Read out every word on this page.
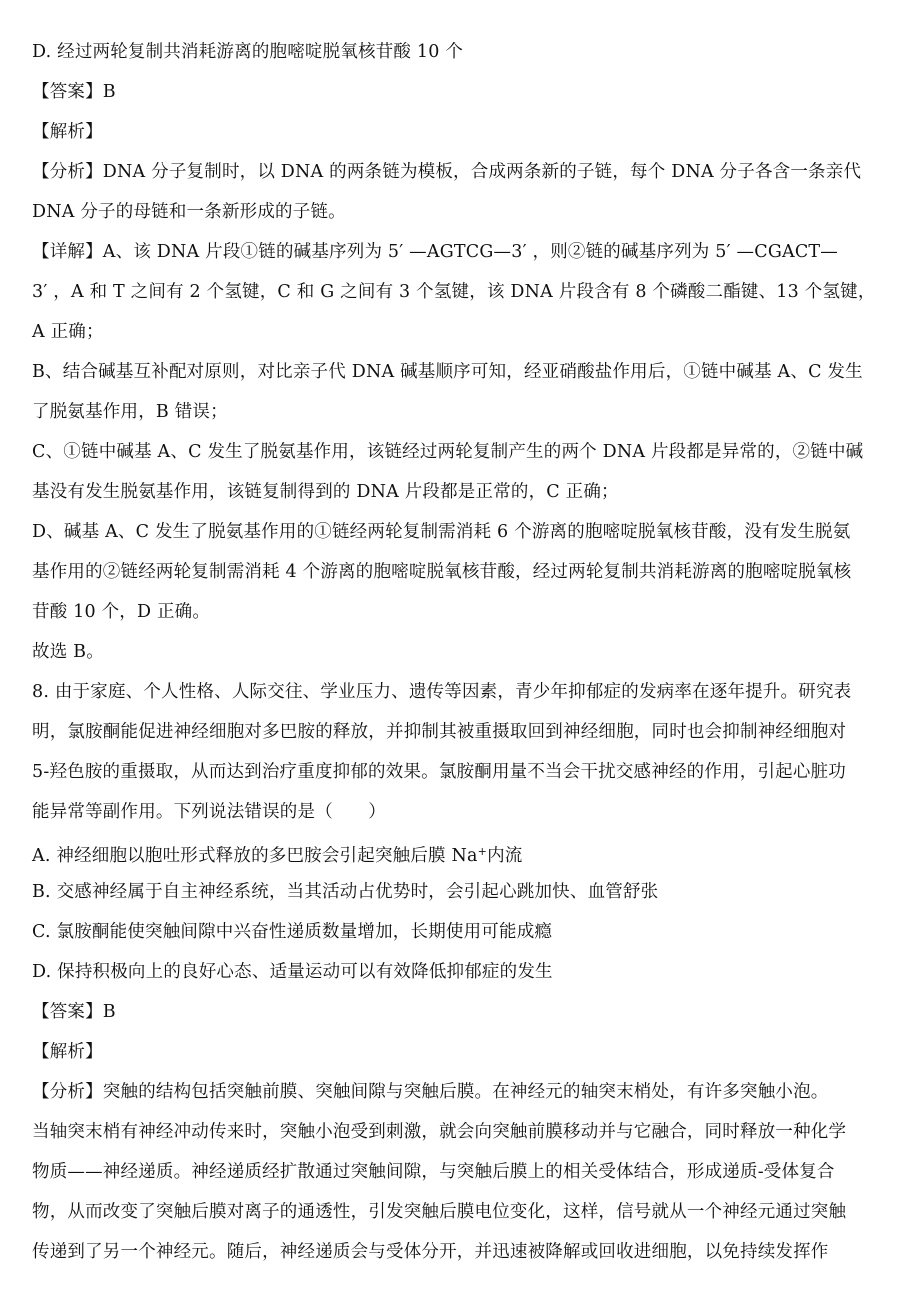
D. 经过两轮复制共消耗游离的胞嘧啶脱氧核苷酸 10 个
【答案】B
【解析】
【分析】DNA 分子复制时，以 DNA 的两条链为模板，合成两条新的子链，每个 DNA 分子各含一条亲代
DNA 分子的母链和一条新形成的子链。
【详解】A、该 DNA 片段①链的碱基序列为 5′ —AGTCG—3′ ，则②链的碱基序列为 5′ —CGACT—
3′ ，A 和 T 之间有 2 个氢键，C 和 G 之间有 3 个氢键，该 DNA 片段含有 8 个磷酸二酯键、13 个氢键，
A 正确；
B、结合碱基互补配对原则，对比亲子代 DNA 碱基顺序可知，经亚硝酸盐作用后，①链中碱基 A、C 发生
了脱氨基作用，B 错误；
C、①链中碱基 A、C 发生了脱氨基作用，该链经过两轮复制产生的两个 DNA 片段都是异常的，②链中碱
基没有发生脱氨基作用，该链复制得到的 DNA 片段都是正常的，C 正确；
D、碱基 A、C 发生了脱氨基作用的①链经两轮复制需消耗 6 个游离的胞嘧啶脱氧核苷酸，没有发生脱氨
基作用的②链经两轮复制需消耗 4 个游离的胞嘧啶脱氧核苷酸，经过两轮复制共消耗游离的胞嘧啶脱氧核
苷酸 10 个，D 正确。
故选 B。
8. 由于家庭、个人性格、人际交往、学业压力、遗传等因素，青少年抑郁症的发病率在逐年提升。研究表
明，氯胺酮能促进神经细胞对多巴胺的释放，并抑制其被重摄取回到神经细胞，同时也会抑制神经细胞对
5-羟色胺的重摄取，从而达到治疗重度抑郁的效果。氯胺酮用量不当会干扰交感神经的作用，引起心脏功
能异常等副作用。下列说法错误的是（　　）
A. 神经细胞以胞吐形式释放的多巴胺会引起突触后膜 Na+内流
B. 交感神经属于自主神经系统，当其活动占优势时，会引起心跳加快、血管舒张
C. 氯胺酮能使突触间隙中兴奋性递质数量增加，长期使用可能成瘾
D. 保持积极向上的良好心态、适量运动可以有效降低抑郁症的发生
【答案】B
【解析】
【分析】突触的结构包括突触前膜、突触间隙与突触后膜。在神经元的轴突末梢处，有许多突触小泡。
当轴突末梢有神经冲动传来时，突触小泡受到刺激，就会向突触前膜移动并与它融合，同时释放一种化学
物质——神经递质。神经递质经扩散通过突触间隙，与突触后膜上的相关受体结合，形成递质-受体复合
物，从而改变了突触后膜对离子的通透性，引发突触后膜电位变化，这样，信号就从一个神经元通过突触
传递到了另一个神经元。随后，神经递质会与受体分开，并迅速被降解或回收进细胞，以免持续发挥作
